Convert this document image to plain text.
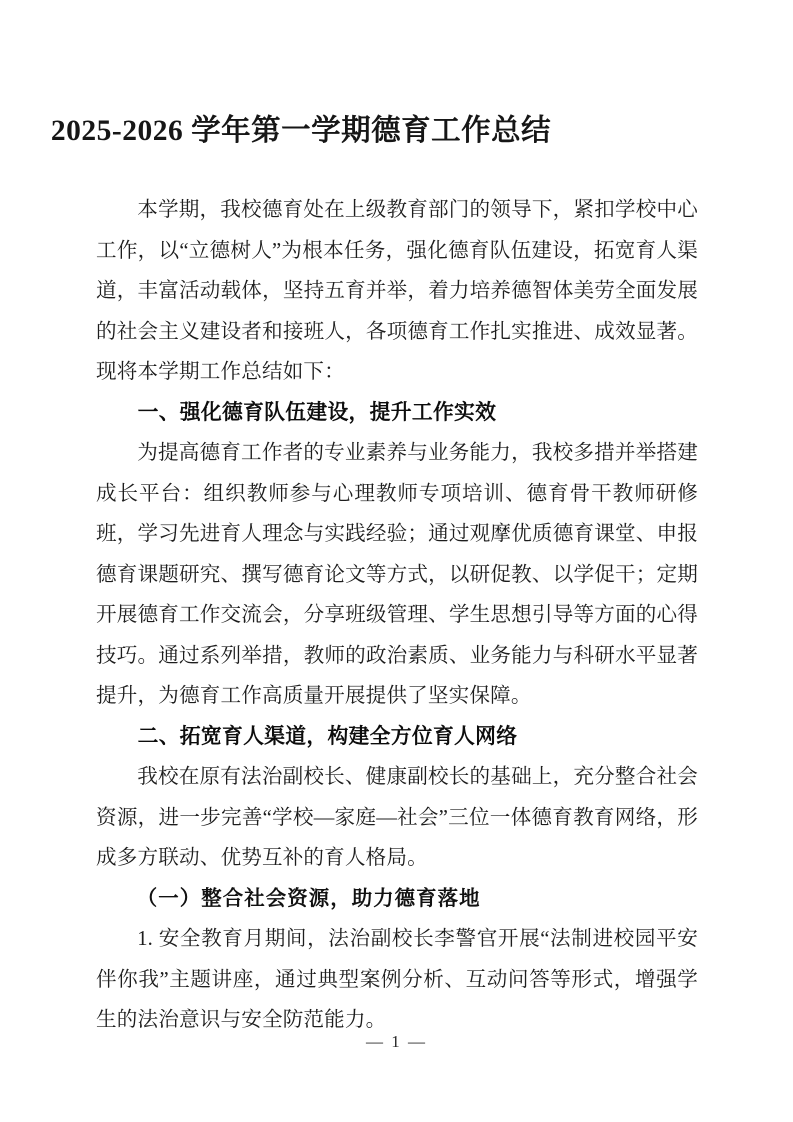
2025-2026 学年第一学期德育工作总结

本学期，我校德育处在上级教育部门的领导下，紧扣学校中心工作，以“立德树人”为根本任务，强化德育队伍建设，拓宽育人渠道，丰富活动载体，坚持五育并举，着力培养德智体美劳全面发展的社会主义建设者和接班人，各项德育工作扎实推进、成效显著。现将本学期工作总结如下：

一、强化德育队伍建设，提升工作实效

为提高德育工作者的专业素养与业务能力，我校多措并举搭建成长平台：组织教师参与心理教师专项培训、德育骨干教师研修班，学习先进育人理念与实践经验；通过观摩优质德育课堂、申报德育课题研究、撰写德育论文等方式，以研促教、以学促干；定期开展德育工作交流会，分享班级管理、学生思想引导等方面的心得技巧。通过系列举措，教师的政治素质、业务能力与科研水平显著提升，为德育工作高质量开展提供了坚实保障。

二、拓宽育人渠道，构建全方位育人网络

我校在原有法治副校长、健康副校长的基础上，充分整合社会资源，进一步完善“学校—家庭—社会”三位一体德育教育网络，形成多方联动、优势互补的育人格局。

（一）整合社会资源，助力德育落地

1. 安全教育月期间，法治副校长李警官开展“法制进校园平安伴你我”主题讲座，通过典型案例分析、互动问答等形式，增强学生的法治意识与安全防范能力。

— 1 —
